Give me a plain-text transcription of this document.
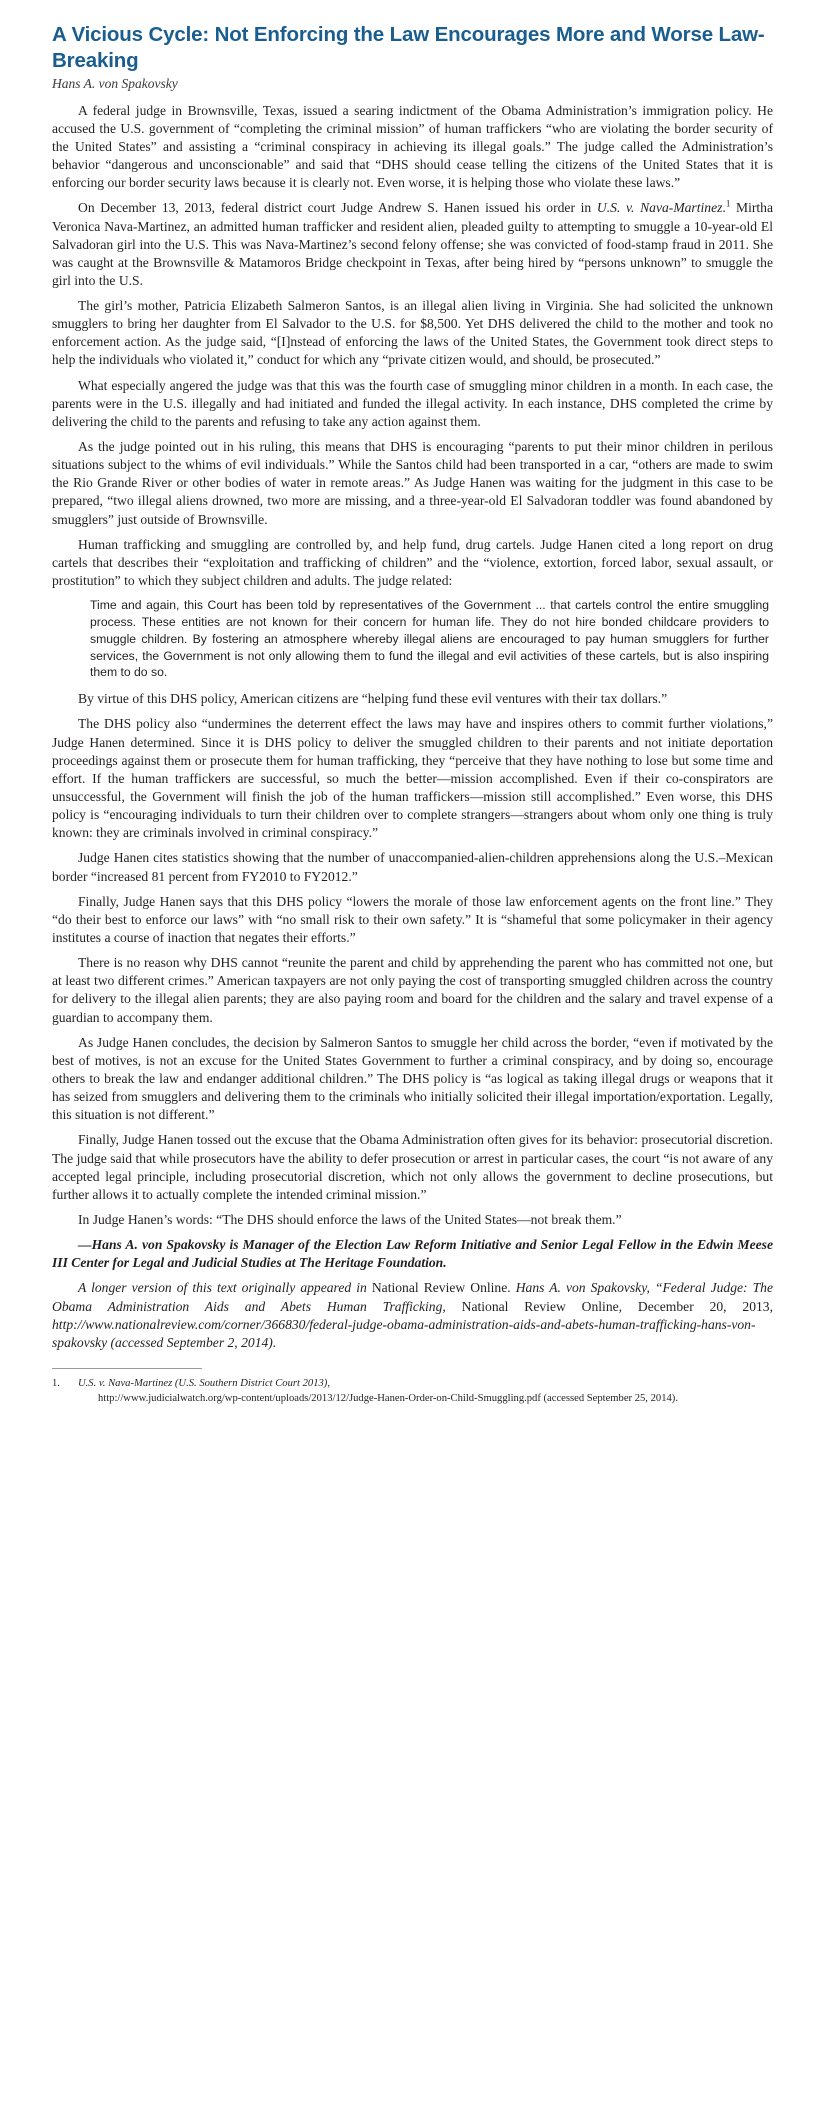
A Vicious Cycle: Not Enforcing the Law Encourages More and Worse Law-Breaking
Hans A. von Spakovsky

A federal judge in Brownsville, Texas, issued a searing indictment of the Obama Administration’s immigration policy. He accused the U.S. government of “completing the criminal mission” of human traffickers “who are violating the border security of the United States” and assisting a “criminal conspiracy in achieving its illegal goals.” The judge called the Administration’s behavior “dangerous and unconscionable” and said that “DHS should cease telling the citizens of the United States that it is enforcing our border security laws because it is clearly not. Even worse, it is helping those who violate these laws.”

On December 13, 2013, federal district court Judge Andrew S. Hanen issued his order in U.S. v. Nava-Martinez.$^1$ Mirtha Veronica Nava-Martinez, an admitted human trafficker and resident alien, pleaded guilty to attempting to smuggle a 10-year-old El Salvadoran girl into the U.S. This was Nava-Martinez’s second felony offense; she was convicted of food-stamp fraud in 2011. She was caught at the Brownsville & Matamoros Bridge checkpoint in Texas, after being hired by “persons unknown” to smuggle the girl into the U.S.

The girl’s mother, Patricia Elizabeth Salmeron Santos, is an illegal alien living in Virginia. She had solicited the unknown smugglers to bring her daughter from El Salvador to the U.S. for $8,500. Yet DHS delivered the child to the mother and took no enforcement action. As the judge said, “[I]nstead of enforcing the laws of the United States, the Government took direct steps to help the individuals who violated it,” conduct for which any “private citizen would, and should, be prosecuted.”

What especially angered the judge was that this was the fourth case of smuggling minor children in a month. In each case, the parents were in the U.S. illegally and had initiated and funded the illegal activity. In each instance, DHS completed the crime by delivering the child to the parents and refusing to take any action against them.

As the judge pointed out in his ruling, this means that DHS is encouraging “parents to put their minor children in perilous situations subject to the whims of evil individuals.” While the Santos child had been transported in a car, “others are made to swim the Rio Grande River or other bodies of water in remote areas.” As Judge Hanen was waiting for the judgment in this case to be prepared, “two illegal aliens drowned, two more are missing, and a three-year-old El Salvadoran toddler was found abandoned by smugglers” just outside of Brownsville.

Human trafficking and smuggling are controlled by, and help fund, drug cartels. Judge Hanen cited a long report on drug cartels that describes their “exploitation and trafficking of children” and the “violence, extortion, forced labor, sexual assault, or prostitution” to which they subject children and adults. The judge related:

Time and again, this Court has been told by representatives of the Government ... that cartels control the entire smuggling process. These entities are not known for their concern for human life. They do not hire bonded childcare providers to smuggle children. By fostering an atmosphere whereby illegal aliens are encouraged to pay human smugglers for further services, the Government is not only allowing them to fund the illegal and evil activities of these cartels, but is also inspiring them to do so.

By virtue of this DHS policy, American citizens are “helping fund these evil ventures with their tax dollars.”

The DHS policy also “undermines the deterrent effect the laws may have and inspires others to commit further violations,” Judge Hanen determined. Since it is DHS policy to deliver the smuggled children to their parents and not initiate deportation proceedings against them or prosecute them for human trafficking, they “perceive that they have nothing to lose but some time and effort. If the human traffickers are successful, so much the better—mission accomplished. Even if their co-conspirators are unsuccessful, the Government will finish the job of the human traffickers—mission still accomplished.” Even worse, this DHS policy is “encouraging individuals to turn their children over to complete strangers—strangers about whom only one thing is truly known: they are criminals involved in criminal conspiracy.”

Judge Hanen cites statistics showing that the number of unaccompanied-alien-children apprehensions along the U.S.–Mexican border “increased 81 percent from FY2010 to FY2012.”

Finally, Judge Hanen says that this DHS policy “lowers the morale of those law enforcement agents on the front line.” They “do their best to enforce our laws” with “no small risk to their own safety.” It is “shameful that some policymaker in their agency institutes a course of inaction that negates their efforts.”

There is no reason why DHS cannot “reunite the parent and child by apprehending the parent who has committed not one, but at least two different crimes.” American taxpayers are not only paying the cost of transporting smuggled children across the country for delivery to the illegal alien parents; they are also paying room and board for the children and the salary and travel expense of a guardian to accompany them.

As Judge Hanen concludes, the decision by Salmeron Santos to smuggle her child across the border, “even if motivated by the best of motives, is not an excuse for the United States Government to further a criminal conspiracy, and by doing so, encourage others to break the law and endanger additional children.” The DHS policy is “as logical as taking illegal drugs or weapons that it has seized from smugglers and delivering them to the criminals who initially solicited their illegal importation/exportation. Legally, this situation is not different.”

Finally, Judge Hanen tossed out the excuse that the Obama Administration often gives for its behavior: prosecutorial discretion. The judge said that while prosecutors have the ability to defer prosecution or arrest in particular cases, the court “is not aware of any accepted legal principle, including prosecutorial discretion, which not only allows the government to decline prosecutions, but further allows it to actually complete the intended criminal mission.”

In Judge Hanen’s words: “The DHS should enforce the laws of the United States—not break them.”

—Hans A. von Spakovsky is Manager of the Election Law Reform Initiative and Senior Legal Fellow in the Edwin Meese III Center for Legal and Judicial Studies at The Heritage Foundation.

A longer version of this text originally appeared in National Review Online. Hans A. von Spakovsky, “Federal Judge: The Obama Administration Aids and Abets Human Trafficking, National Review Online, December 20, 2013, http://www.nationalreview.com/corner/366830/federal-judge-obama-administration-aids-and-abets-human-trafficking-hans-von-spakovsky (accessed September 2, 2014).

1.	U.S. v. Nava-Martinez (U.S. Southern District Court 2013),
http://www.judicialwatch.org/wp-content/uploads/2013/12/Judge-Hanen-Order-on-Child-Smuggling.pdf (accessed September 25, 2014).
